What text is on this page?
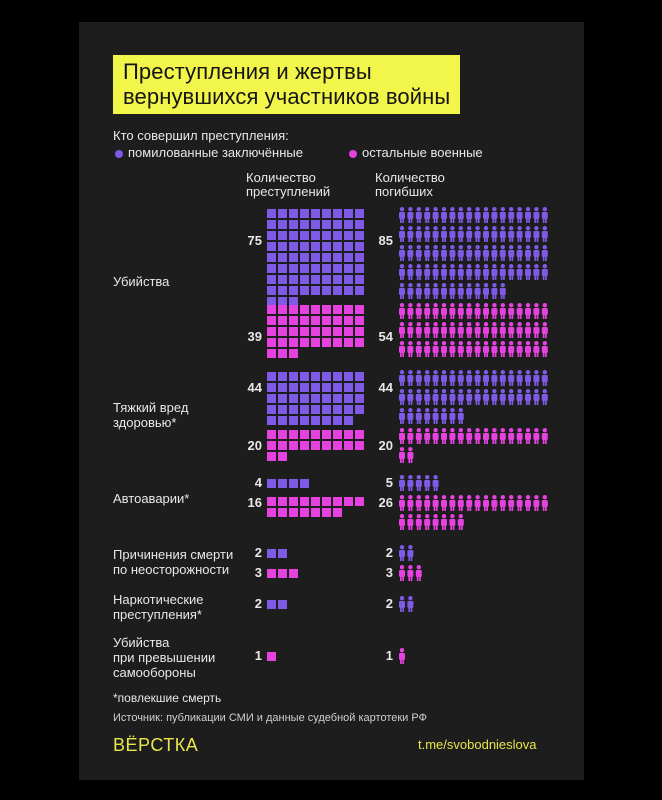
Преступления и жертвы
вернувшихся участников войны
Кто совершил преступления:
помилованные заключённые	остальные военные
Количество
преступлений
Количество
погибших
Убийства
75	85
39	54
Тяжкий вред
здоровью*
44	44
20	20
Автоаварии*
4	5
16	26
Причинения смерти
по неосторожности
2	2
3	3
Наркотические
преступления*
2	2
Убийства
при превышении
самообороны
1	1
*повлекшие смерть
Источник: публикации СМИ и данные судебной картотеки РФ
ВЁРСТКА	t.me/svobodnieslova
